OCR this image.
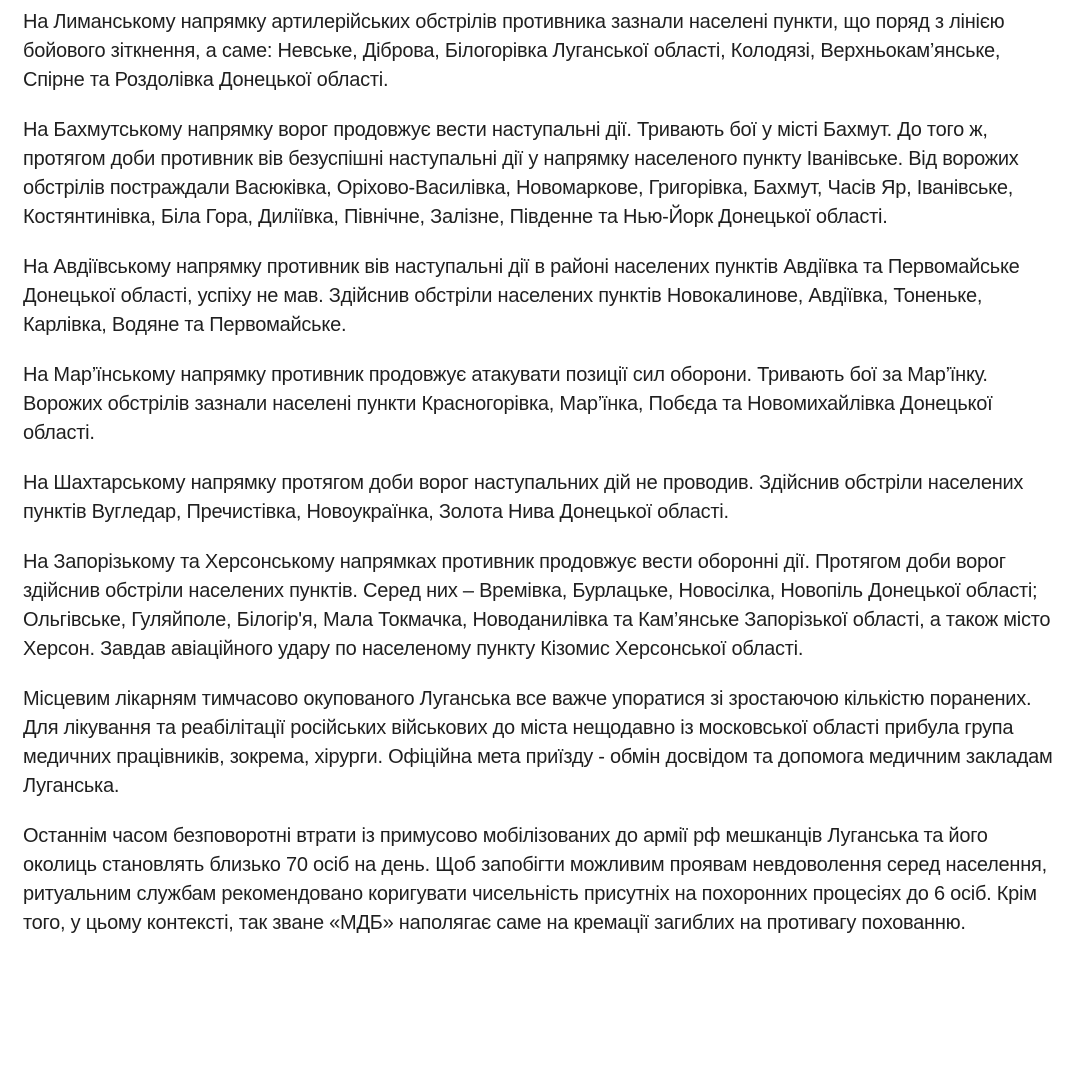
На Лиманському напрямку артилерійських обстрілів противника зазнали населені пункти, що поряд з лінією бойового зіткнення, а саме: Невське, Діброва, Білогорівка Луганської області, Колодязі, Верхньокам’янське, Спірне та Роздолівка Донецької області.

На Бахмутському напрямку ворог продовжує вести наступальні дії. Тривають бої у місті Бахмут. До того ж, протягом доби противник вів безуспішні наступальні дії у напрямку населеного пункту Іванівське. Від ворожих обстрілів постраждали Васюківка, Оріхово-Василівка, Новомаркове, Григорівка, Бахмут, Часів Яр, Іванівське, Костянтинівка, Біла Гора, Диліївка, Північне, Залізне, Південне та Нью-Йорк Донецької області.

На Авдіївському напрямку противник вів наступальні дії в районі населених пунктів Авдіївка та Первомайське Донецької області, успіху не мав. Здійснив обстріли населених пунктів Новокалинове, Авдіївка, Тоненьке, Карлівка, Водяне та Первомайське.

На Мар’їнському напрямку противник продовжує атакувати позиції сил оборони. Тривають бої за Мар’їнку. Ворожих обстрілів зазнали населені пункти Красногорівка, Мар’їнка, Побєда та Новомихайлівка Донецької області.

На Шахтарському напрямку протягом доби ворог наступальних дій не проводив. Здійснив обстріли населених пунктів Вугледар, Пречистівка, Новоукраїнка, Золота Нива Донецької області.

На Запорізькому та Херсонському напрямках противник продовжує вести оборонні дії. Протягом доби ворог здійснив обстріли населених пунктів. Серед них – Времівка, Бурлацьке, Новосілка, Новопіль Донецької області; Ольгівське, Гуляйполе, Білогір'я, Мала Токмачка, Новоданилівка та Кам’янське Запорізької області, а також місто Херсон. Завдав авіаційного удару по населеному пункту Кізомис Херсонської області.

Місцевим лікарням тимчасово окупованого Луганська все важче упоратися зі зростаючою кількістю поранених. Для лікування та реабілітації російських військових до міста нещодавно із московської області прибула група медичних працівників, зокрема, хірурги. Офіційна мета приїзду - обмін досвідом та допомога медичним закладам Луганська.

Останнім часом безповоротні втрати із примусово мобілізованих до армії рф мешканців Луганська та його околиць становлять близько 70 осіб на день. Щоб запобігти можливим проявам невдоволення серед населення, ритуальним службам рекомендовано коригувати чисельність присутніх на похоронних процесіях до 6 осіб. Крім того, у цьому контексті, так зване «МДБ» наполягає саме на кремації загиблих на противагу похованню.
